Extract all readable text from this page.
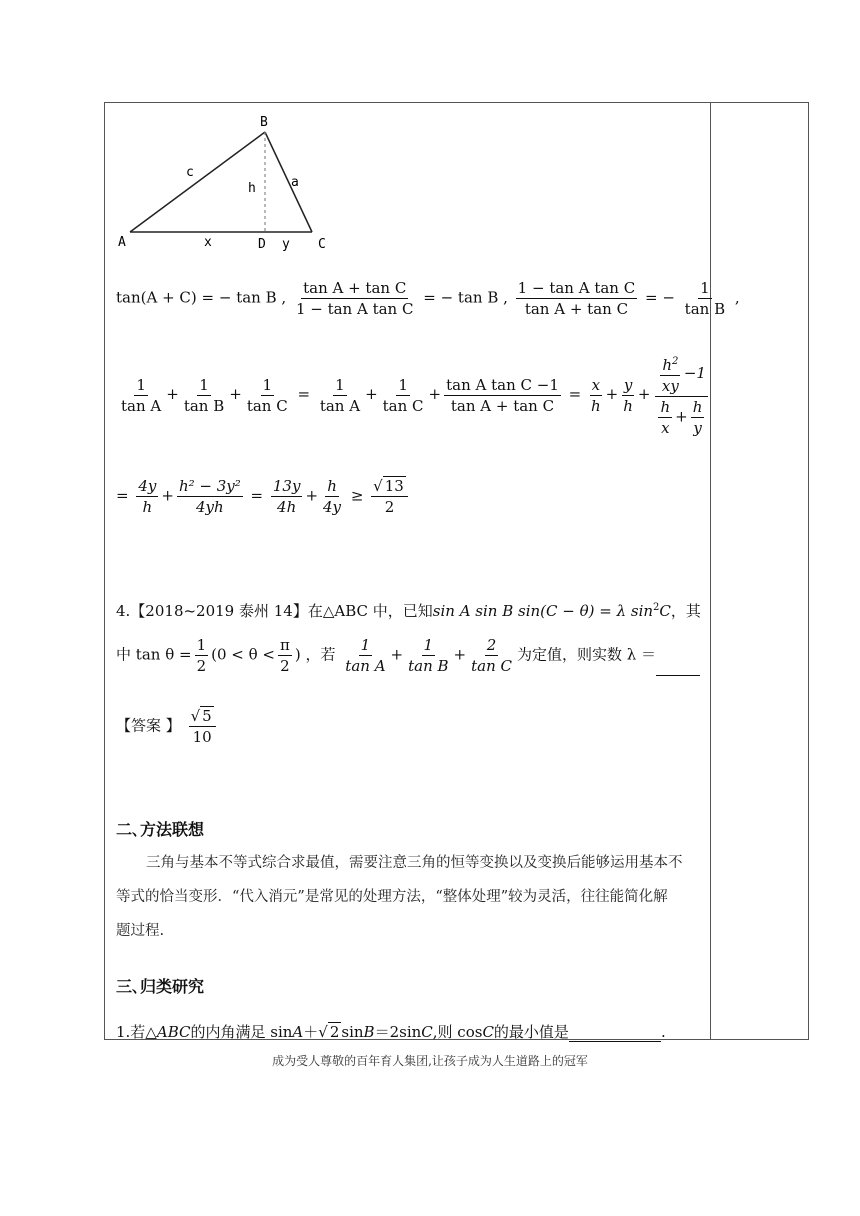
A
B
C
D
c
h	a
x	y
tan(A + C) = − tan B , $\frac{\text{tan A + tan C}}{\text{1 − tan A tan C}}$ = − tan B , $\frac{\text{1 − tan A tan C}}{\text{tan A + tan C}}$ = − $\frac{1}{\text{tan B}}$ ,
$\frac{1}{\text{tan A}} + \frac{1}{\text{tan B}} + \frac{1}{\text{tan C}} = \frac{1}{\text{tan A}} + \frac{1}{\text{tan C}} + \frac{\text{tan A tan C −1}}{\text{tan A + tan C}} = \frac{x}{h} + \frac{y}{h} + \frac{\frac{h^2}{xy} -1}{\frac{h}{x} + \frac{h}{y}}$
= $\frac{4y}{h} + \frac{\text{h² − 3y²}}{4yh} = \frac{13y}{4h} + \frac{h}{4y} \ge \frac{√ 13}{2}$
4.【2018~2019 泰州 14】在△ABC 中，已知sin A sin B sin(C − θ) = λ $\sin^2C$，其
中 $\tan \theta = \frac{1}{2} (0 < \theta < \frac{\pi}{2}$ ) ，若 $\frac{1}{\text{tan A}} + \frac{1}{\text{tan B}} + \frac{2}{\text{tan C}}$ 为定值，则实数 λ ＝
【答案 】 $\frac{√ 5}{10}$
二､方法联想
三角与基本不等式综合求最值，需要注意三角的恒等变换以及变换后能够运用基本不
等式的恰当变形．“代入消元”是常见的处理方法，“整体处理”较为灵活，往往能简化解
题过程.
三､归类研究
1.若△ABC的内角满足 sinA＋√ 2 sinB＝2sinC,则 cosC的最小值是	.
成为受人尊敬的百年育人集团,让孩子成为人生道路上的冠军
